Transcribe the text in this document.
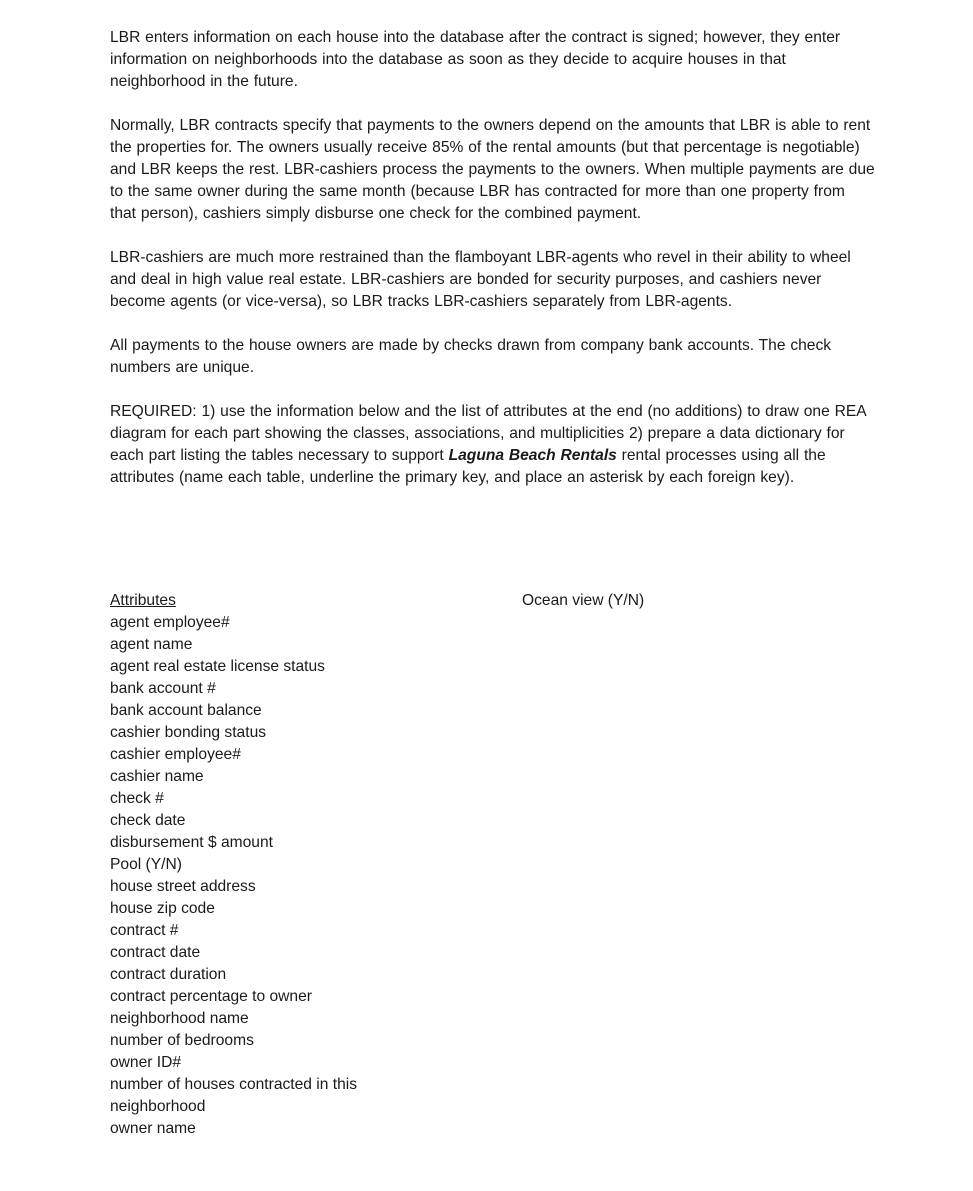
LBR enters information on each house into the database after the contract is signed; however, they enter information on neighborhoods into the database as soon as they decide to acquire houses in that neighborhood in the future.

Normally, LBR contracts specify that payments to the owners depend on the amounts that LBR is able to rent the properties for. The owners usually receive 85% of the rental amounts (but that percentage is negotiable) and LBR keeps the rest. LBR-cashiers process the payments to the owners. When multiple payments are due to the same owner during the same month (because LBR has contracted for more than one property from that person), cashiers simply disburse one check for the combined payment.

LBR-cashiers are much more restrained than the flamboyant LBR-agents who revel in their ability to wheel and deal in high value real estate. LBR-cashiers are bonded for security purposes, and cashiers never become agents (or vice-versa), so LBR tracks LBR-cashiers separately from LBR-agents.

All payments to the house owners are made by checks drawn from company bank accounts. The check numbers are unique.

REQUIRED: 1) use the information below and the list of attributes at the end (no additions) to draw one REA diagram for each part showing the classes, associations, and multiplicities 2) prepare a data dictionary for each part listing the tables necessary to support Laguna Beach Rentals rental processes using all the attributes (name each table, underline the primary key, and place an asterisk by each foreign key).

Attributes
agent employee#
agent name
agent real estate license status
bank account #
bank account balance
cashier bonding status
cashier employee#
cashier name
check #
check date
disbursement $ amount
Pool (Y/N)
house street address
house zip code
contract #
contract date
contract duration
contract percentage to owner
neighborhood name
number of bedrooms
owner ID#
number of houses contracted in this
neighborhood
owner name
Ocean view (Y/N)
